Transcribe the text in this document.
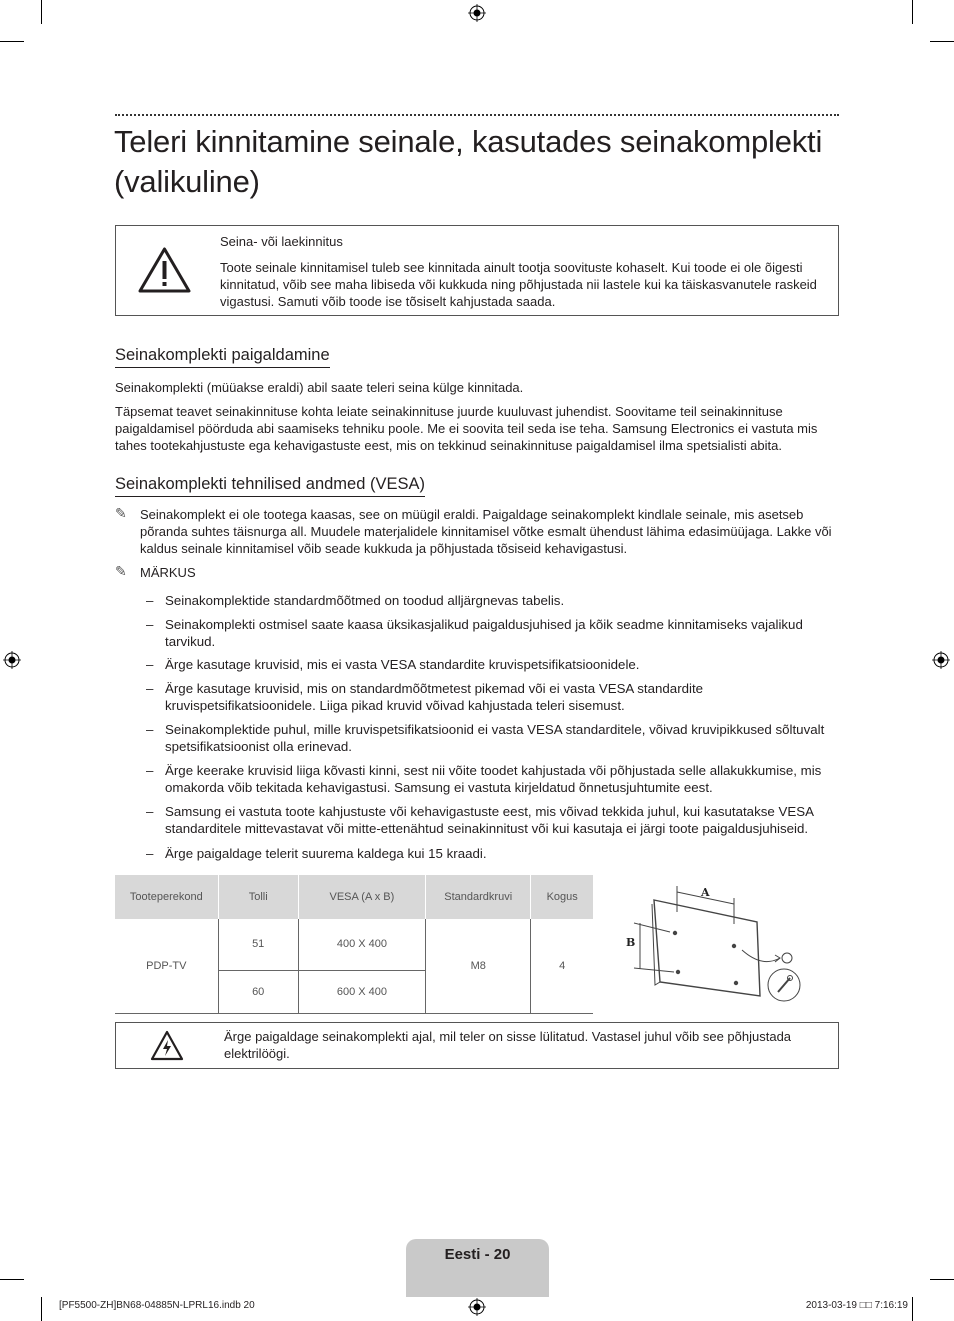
Teleri kinnitamine seinale, kasutades seinakomplekti (valikuline)
Seina- või laekinnitus

Toote seinale kinnitamisel tuleb see kinnitada ainult tootja soovituste kohaselt. Kui toode ei ole õigesti kinnitatud, võib see maha libiseda või kukkuda ning põhjustada nii lastele kui ka täiskasvanutele raskeid vigastusi. Samuti võib toode ise tõsiselt kahjustada saada.

Seinakomplekti paigaldamine

Seinakomplekti (müüakse eraldi) abil saate teleri seina külge kinnitada.

Täpsemat teavet seinakinnituse kohta leiate seinakinnituse juurde kuuluvast juhendist. Soovitame teil seinakinnituse paigaldamisel pöörduda abi saamiseks tehniku poole. Me ei soovita teil seda ise teha. Samsung Electronics ei vastuta mis tahes tootekahjustuste ega kehavigastuste eest, mis on tekkinud seinakinnituse paigaldamisel ilma spetsialisti abita.

Seinakomplekti tehnilised andmed (VESA)
✎ Seinakomplekt ei ole tootega kaasas, see on müügil eraldi. Paigaldage seinakomplekt kindlale seinale, mis asetseb põranda suhtes täisnurga all. Muudele materjalidele kinnitamisel võtke esmalt ühendust lähima edasimüüjaga. Lakke või kaldus seinale kinnitamisel võib seade kukkuda ja põhjustada tõsiseid kehavigastusi.

✎ MÄRKUS
– Seinakomplektide standardmõõtmed on toodud alljärgnevas tabelis.
– Seinakomplekti ostmisel saate kaasa üksikasjalikud paigaldusjuhised ja kõik seadme kinnitamiseks vajalikud tarvikud.
– Ärge kasutage kruvisid, mis ei vasta VESA standardite kruvispetsifikatsioonidele.
– Ärge kasutage kruvisid, mis on standardmõõtmetest pikemad või ei vasta VESA standardite kruvispetsifikatsioonidele. Liiga pikad kruvid võivad kahjustada teleri sisemust.
– Seinakomplektide puhul, mille kruvispetsifikatsioonid ei vasta VESA standarditele, võivad kruvipikkused sõltuvalt spetsifikatsioonist olla erinevad.
– Ärge keerake kruvisid liiga kõvasti kinni, sest nii võite toodet kahjustada või põhjustada selle allakukkumise, mis omakorda võib tekitada kehavigastusi. Samsung ei vastuta kirjeldatud õnnetusjuhtumite eest.
– Samsung ei vastuta toote kahjustuste või kehavigastuste eest, mis võivad tekkida juhul, kui kasutatakse VESA standarditele mittevastavat või mitte-ettenähtud seinakinnitust või kui kasutaja ei järgi toote paigaldusjuhiseid.
– Ärge paigaldage telerit suurema kaldega kui 15 kraadi.
Tooteperekond	Tolli	VESA (A x B)	Standardkruvi	Kogus
PDP-TV	51	400 X 400	M8	4
	60	600 X 400		
A
B

Ärge paigaldage seinakomplekti ajal, mil teler on sisse lülitatud. Vastasel juhul võib see põhjustada elektrilöögi.

Eesti - 20
[PF5500-ZH]BN68-04885N-LPRL16.indb 20	2013-03-19 □□ 7:16:19
